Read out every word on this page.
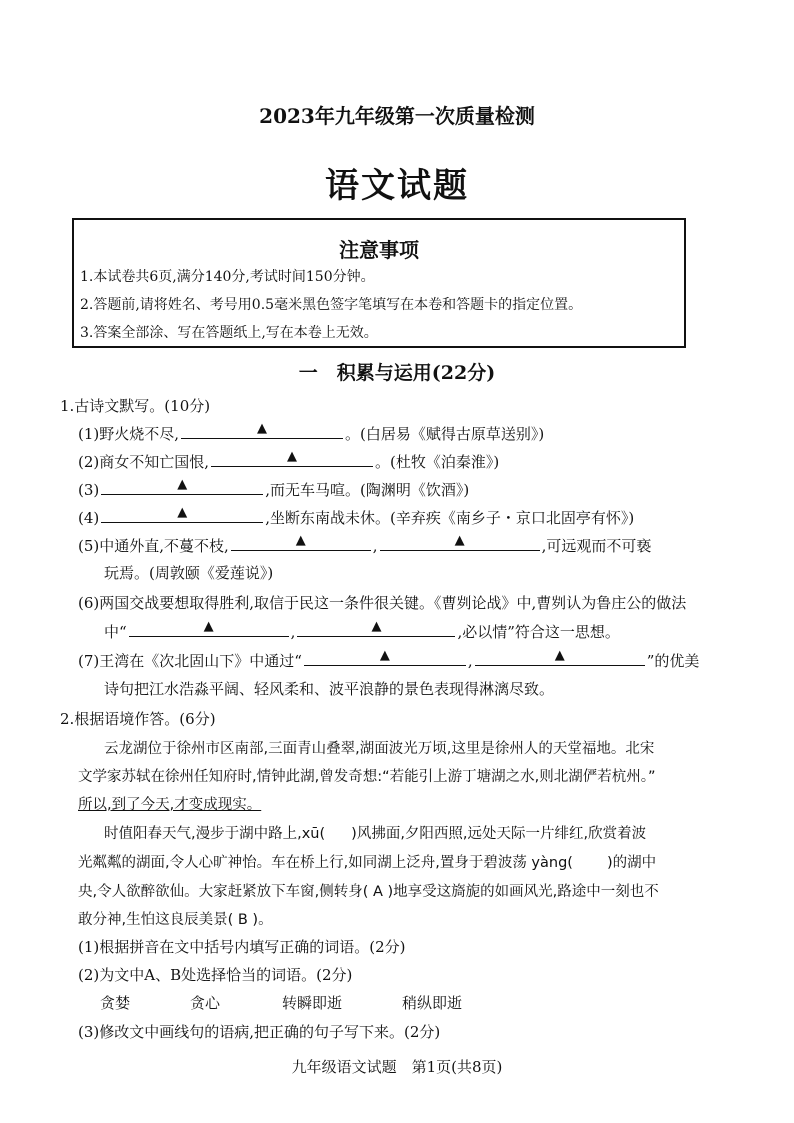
2023年九年级第一次质量检测
语文试题
注意事项
1.本试卷共6页,满分140分,考试时间150分钟。
2.答题前,请将姓名、考号用0.5毫米黑色签字笔填写在本卷和答题卡的指定位置。
3.答案全部涂、写在答题纸上,写在本卷上无效。
一　积累与运用(22分)
1.古诗文默写。(10分)
(1)野火烧不尽,	▲	。(白居易《赋得古原草送别》)
(2)商女不知亡国恨,	▲	。(杜牧《泊秦淮》)
(3)	▲	,而无车马喧。(陶渊明《饮酒》)
(4)	▲	,坐断东南战未休。(辛弃疾《南乡子・京口北固亭有怀》)
(5)中通外直,不蔓不枝,	▲	,	▲	,可远观而不可亵
玩焉。(周敦颐《爱莲说》)
(6)两国交战要想取得胜利,取信于民这一条件很关键。《曹刿论战》中,曹刿认为鲁庄公的做法
中“	▲	,	▲	,必以情”符合这一思想。
(7)王湾在《次北固山下》中通过“	▲	,	▲	”的优美
诗句把江水浩淼平阔、轻风柔和、波平浪静的景色表现得淋漓尽致。
2.根据语境作答。(6分)
云龙湖位于徐州市区南部,三面青山叠翠,湖面波光万顷,这里是徐州人的天堂福地。北宋
文学家苏轼在徐州任知府时,情钟此湖,曾发奇想:“若能引上游丁塘湖之水,则北湖俨若杭州。”
所以,到了今天,才变成现实。
时值阳春天气,漫步于湖中路上,xū( )风拂面,夕阳西照,远处天际一片绯红,欣赏着波
光粼粼的湖面,令人心旷神怡。车在桥上行,如同湖上泛舟,置身于碧波荡 yàng( )的湖中
央,令人欲醉欲仙。大家赶紧放下车窗,侧转身( A )地享受这旖旎的如画风光,路途中一刻也不
敢分神,生怕这良辰美景( B )。
(1)根据拼音在文中括号内填写正确的词语。(2分)
(2)为文中A、B处选择恰当的词语。(2分)
贪婪	贪心	转瞬即逝	稍纵即逝
(3)修改文中画线句的语病,把正确的句子写下来。(2分)
九年级语文试题　第1页(共8页)
